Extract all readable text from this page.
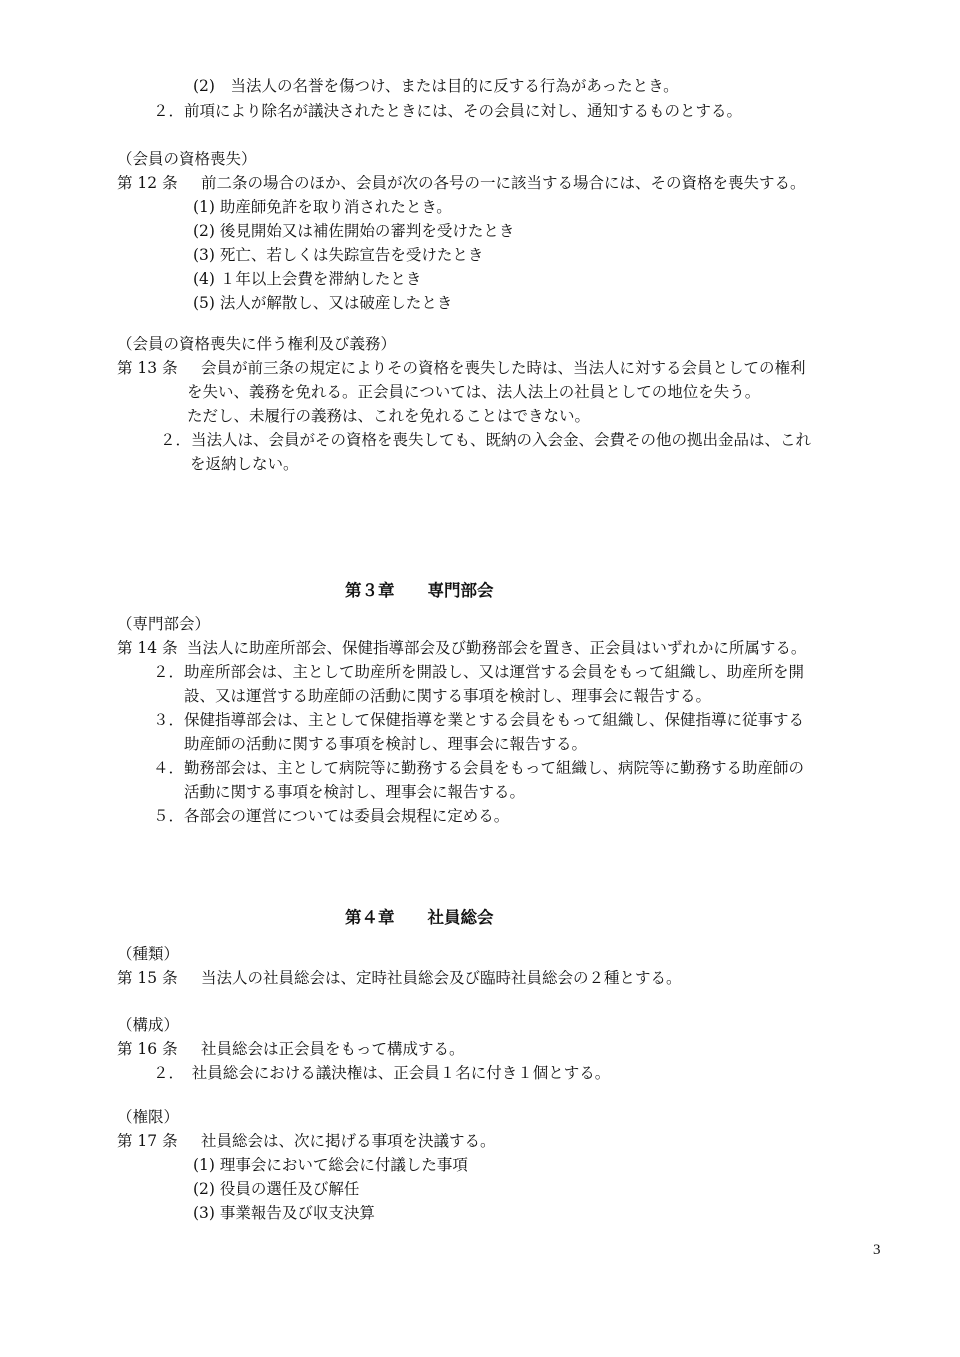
(2)　当法人の名誉を傷つけ、または目的に反する行為があったとき。
２．前項により除名が議決されたときには、その会員に対し、通知するものとする。
（会員の資格喪失）
第 12 条 前二条の場合のほか、会員が次の各号の一に該当する場合には、その資格を喪失する。
(1) 助産師免許を取り消されたとき。
(2) 後見開始又は補佐開始の審判を受けたとき
(3) 死亡、若しくは失踪宣告を受けたとき
(4) １年以上会費を滞納したとき
(5) 法人が解散し、又は破産したとき
（会員の資格喪失に伴う権利及び義務）
第 13 条 会員が前三条の規定によりその資格を喪失した時は、当法人に対する会員としての権利
を失い、義務を免れる。正会員については、法人法上の社員としての地位を失う。
ただし、未履行の義務は、これを免れることはできない。
２．当法人は、会員がその資格を喪失しても、既納の入会金、会費その他の拠出金品は、これ
を返納しない。
第３章　　専門部会
（専門部会）
第 14 条 当法人に助産所部会、保健指導部会及び勤務部会を置き、正会員はいずれかに所属する。
２．助産所部会は、主として助産所を開設し、又は運営する会員をもって組織し、助産所を開
設、又は運営する助産師の活動に関する事項を検討し、理事会に報告する。
３．保健指導部会は、主として保健指導を業とする会員をもって組織し、保健指導に従事する
助産師の活動に関する事項を検討し、理事会に報告する。
４．勤務部会は、主として病院等に勤務する会員をもって組織し、病院等に勤務する助産師の
活動に関する事項を検討し、理事会に報告する。
５．各部会の運営については委員会規程に定める。
第４章　　社員総会
（種類）
第 15 条 当法人の社員総会は、定時社員総会及び臨時社員総会の２種とする。
（構成）
第 16 条 社員総会は正会員をもって構成する。
２．　社員総会における議決権は、正会員１名に付き１個とする。
（権限）
第 17 条 社員総会は、次に掲げる事項を決議する。
(1) 理事会において総会に付議した事項
(2) 役員の選任及び解任
(3) 事業報告及び収支決算
3
